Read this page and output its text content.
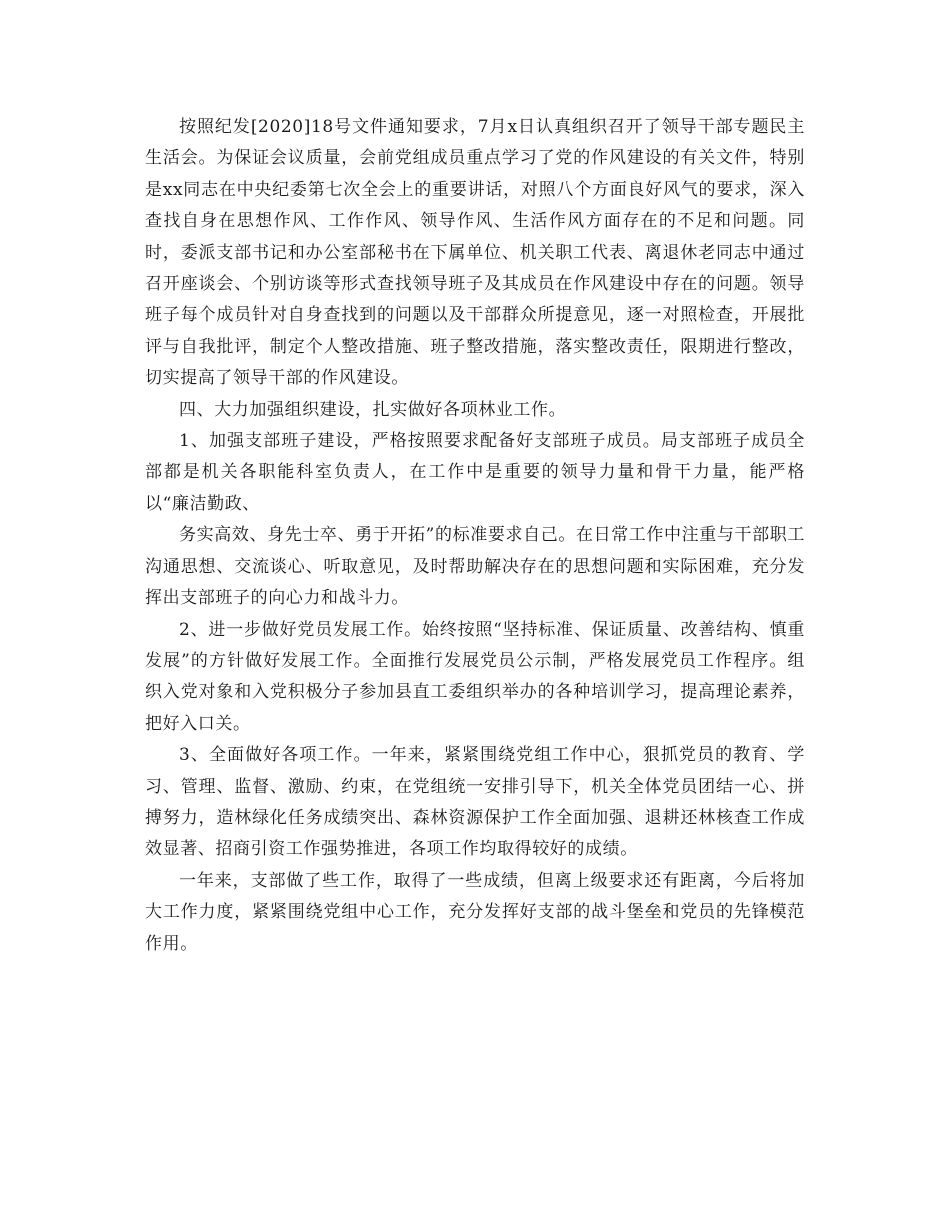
按照纪发[2020]18号文件通知要求，7月x日认真组织召开了领导干部专题民主生活会。为保证会议质量，会前党组成员重点学习了党的作风建设的有关文件，特别是xx同志在中央纪委第七次全会上的重要讲话，对照八个方面良好风气的要求，深入查找自身在思想作风、工作作风、领导作风、生活作风方面存在的不足和问题。同时，委派支部书记和办公室部秘书在下属单位、机关职工代表、离退休老同志中通过召开座谈会、个别访谈等形式查找领导班子及其成员在作风建设中存在的问题。领导班子每个成员针对自身查找到的问题以及干部群众所提意见，逐一对照检查，开展批评与自我批评，制定个人整改措施、班子整改措施，落实整改责任，限期进行整改，切实提高了领导干部的作风建设。

四、大力加强组织建设，扎实做好各项林业工作。

1、加强支部班子建设，严格按照要求配备好支部班子成员。局支部班子成员全部都是机关各职能科室负责人，在工作中是重要的领导力量和骨干力量，能严格以“廉洁勤政、

务实高效、身先士卒、勇于开拓”的标准要求自己。在日常工作中注重与干部职工沟通思想、交流谈心、听取意见，及时帮助解决存在的思想问题和实际困难，充分发挥出支部班子的向心力和战斗力。

2、进一步做好党员发展工作。始终按照“坚持标准、保证质量、改善结构、慎重发展”的方针做好发展工作。全面推行发展党员公示制，严格发展党员工作程序。组织入党对象和入党积极分子参加县直工委组织举办的各种培训学习，提高理论素养，把好入口关。

3、全面做好各项工作。一年来，紧紧围绕党组工作中心，狠抓党员的教育、学习、管理、监督、激励、约束，在党组统一安排引导下，机关全体党员团结一心、拼搏努力，造林绿化任务成绩突出、森林资源保护工作全面加强、退耕还林核查工作成效显著、招商引资工作强势推进，各项工作均取得较好的成绩。

一年来，支部做了些工作，取得了一些成绩，但离上级要求还有距离，今后将加大工作力度，紧紧围绕党组中心工作，充分发挥好支部的战斗堡垒和党员的先锋模范作用。
